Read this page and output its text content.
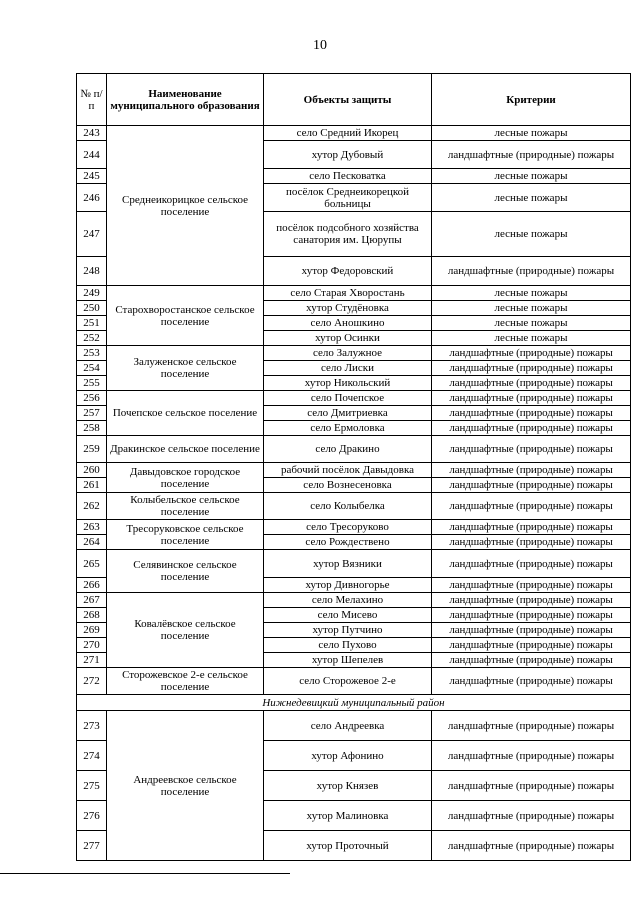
10
№ п/ п	Наименование муниципального образования	Объекты защиты	Критерии
243	Среднеикорицкое сельское поселение	село Средний Икорец	лесные пожары
244		хутор Дубовый	ландшафтные (природные) пожары
245		село Песковатка	лесные пожары
246		посёлок Среднеикорецкой больницы	лесные пожары
247		посёлок подсобного хозяйства санатория им. Цюрупы	лесные пожары
248		хутор Федоровский	ландшафтные (природные) пожары
249	Старохворостанское сельское поселение	село Старая Хворостань	лесные пожары
250		хутор Студёновка	лесные пожары
251		село Аношкино	лесные пожары
252		хутор Осинки	лесные пожары
253	Залуженское сельское поселение	село Залужное	ландшафтные (природные) пожары
254		село Лиски	ландшафтные (природные) пожары
255		хутор Никольский	ландшафтные (природные) пожары
256	Почепское сельское поселение	село Почепское	ландшафтные (природные) пожары
257		село Дмитриевка	ландшафтные (природные) пожары
258		село Ермоловка	ландшафтные (природные) пожары
259	Дракинское сельское поселение	село Дракино	ландшафтные (природные) пожары
260	Давыдовское городское поселение	рабочий посёлок Давыдовка	ландшафтные (природные) пожары
261		село Вознесеновка	ландшафтные (природные) пожары
262	Колыбельское сельское поселение	село Колыбелка	ландшафтные (природные) пожары
263	Тресоруковское сельское поселение	село Тресоруково	ландшафтные (природные) пожары
264		село Рождествено	ландшафтные (природные) пожары
265	Селявинское сельское поселение	хутор Вязники	ландшафтные (природные) пожары
266		хутор Дивногорье	ландшафтные (природные) пожары
267	Ковалёвское сельское поселение	село Мелахино	ландшафтные (природные) пожары
268		село Мисево	ландшафтные (природные) пожары
269		хутор Путчино	ландшафтные (природные) пожары
270		село Пухово	ландшафтные (природные) пожары
271		хутор Шепелев	ландшафтные (природные) пожары
272	Сторожевское 2-е сельское поселение	село Сторожевое 2-е	ландшафтные (природные) пожары
Нижнедевицкий муниципальный район			
273	Андреевское сельское поселение	село Андреевка	ландшафтные (природные) пожары
274		хутор Афонино	ландшафтные (природные) пожары
275		хутор Князев	ландшафтные (природные) пожары
276		хутор Малиновка	ландшафтные (природные) пожары
277		хутор Проточный	ландшафтные (природные) пожары
